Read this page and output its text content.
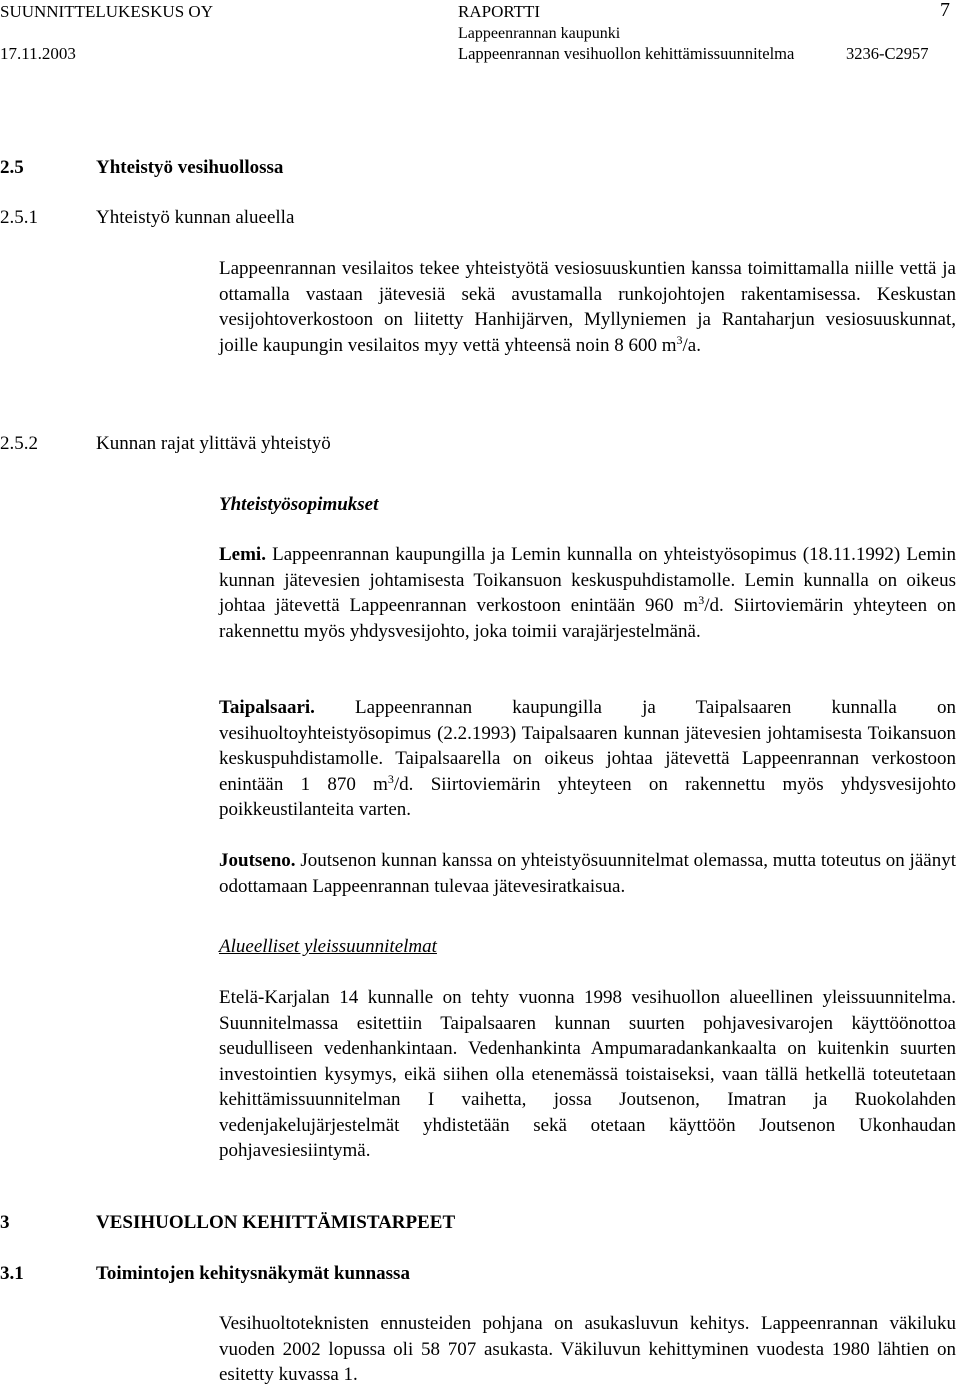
SUUNNITTELUKESKUS OY
17.11.2003
RAPORTTI
Lappeenrannan kaupunki
Lappeenrannan vesihuollon kehittämissuunnitelma	3236-C2957
7
2.5	Yhteistyö vesihuollossa
2.5.1	Yhteistyö kunnan alueella

Lappeenrannan vesilaitos tekee yhteistyötä vesiosuuskuntien kanssa toimittamalla niille vettä ja ottamalla vastaan jätevesiä sekä avustamalla runkojohtojen rakentamisessa. Keskustan vesijohtoverkostoon on liitetty Hanhijärven, Myllyniemen ja Rantaharjun vesiosuuskunnat, joille kaupungin vesilaitos myy vettä yhteensä noin 8 600 $m^3/a$.

2.5.2	Kunnan rajat ylittävä yhteistyö
Yhteistyösopimukset

Lemi. Lappeenrannan kaupungilla ja Lemin kunnalla on yhteistyösopimus (18.11.1992) Lemin kunnan jätevesien johtamisesta Toikansuon keskuspuhdistamolle. Lemin kunnalla on oikeus johtaa jätevettä Lappeenrannan verkostoon enintään 960 $m^3/d$. Siirtoviemärin yhteyteen on rakennettu myös yhdysvesijohto, joka toimii varajärjestelmänä.

Taipalsaari. Lappeenrannan kaupungilla ja Taipalsaaren kunnalla on vesihuoltoyhteistyösopimus (2.2.1993) Taipalsaaren kunnan jätevesien johtamisesta Toikansuon keskuspuhdistamolle. Taipalsaarella on oikeus johtaa jätevettä Lappeenrannan verkostoon enintään 1 870 $m^3/d$. Siirtoviemärin yhteyteen on rakennettu myös yhdysvesijohto poikkeustilanteita varten.

Joutseno. Joutsenon kunnan kanssa on yhteistyösuunnitelmat olemassa, mutta toteutus on jäänyt odottamaan Lappeenrannan tulevaa jätevesiratkaisua.

Alueelliset yleissuunnitelmat

Etelä-Karjalan 14 kunnalle on tehty vuonna 1998 vesihuollon alueellinen yleissuunnitelma. Suunnitelmassa esitettiin Taipalsaaren kunnan suurten pohjavesivarojen käyttöönottoa seudulliseen vedenhankintaan. Vedenhankinta Ampumaradankankaalta on kuitenkin suurten investointien kysymys, eikä siihen olla etenemässä toistaiseksi, vaan tällä hetkellä toteutetaan kehittämissuunnitelman I vaihetta, jossa Joutsenon, Imatran ja Ruokolahden vedenjakelujärjestelmät yhdistetään sekä otetaan käyttöön Joutsenon Ukonhaudan pohjavesiesiintymä.

3	VESIHUOLLON KEHITTÄMISTARPEET
3.1	Toimintojen kehitysnäkymät kunnassa

Vesihuoltoteknisten ennusteiden pohjana on asukasluvun kehitys. Lappeenrannan väkiluku vuoden 2002 lopussa oli 58 707 asukasta. Väkiluvun kehittyminen vuodesta 1980 lähtien on esitetty kuvassa 1.
